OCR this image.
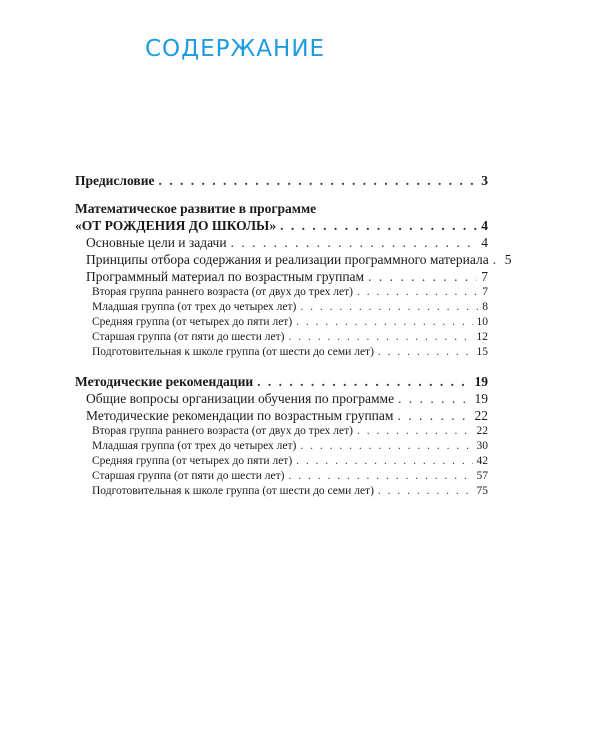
СОДЕРЖАНИЕ
Предисловие . . .	3
Математическое развитие в программе
«ОТ РОЖДЕНИЯ ДО ШКОЛЫ» . . .	4
Основные цели и задачи . . .	4
Принципы отбора содержания и реализации программного материала . . . 5
Программный материал по возрастным группам . . .	7
Вторая группа раннего возраста (от двух до трех лет) . . .	7
Младшая группа (от трех до четырех лет) . . .	8
Средняя группа (от четырех до пяти лет) . . .	10
Старшая группа (от пяти до шести лет) . . .	12
Подготовительная к школе группа (от шести до семи лет) . . .	15
Методические рекомендации . . .	19
Общие вопросы организации обучения по программе . . .	19
Методические рекомендации по возрастным группам . . .	22
Вторая группа раннего возраста (от двух до трех лет) . . .	22
Младшая группа (от трех до четырех лет) . . .	30
Средняя группа (от четырех до пяти лет) . . .	42
Старшая группа (от пяти до шести лет) . . .	57
Подготовительная к школе группа (от шести до семи лет) . . .	75
